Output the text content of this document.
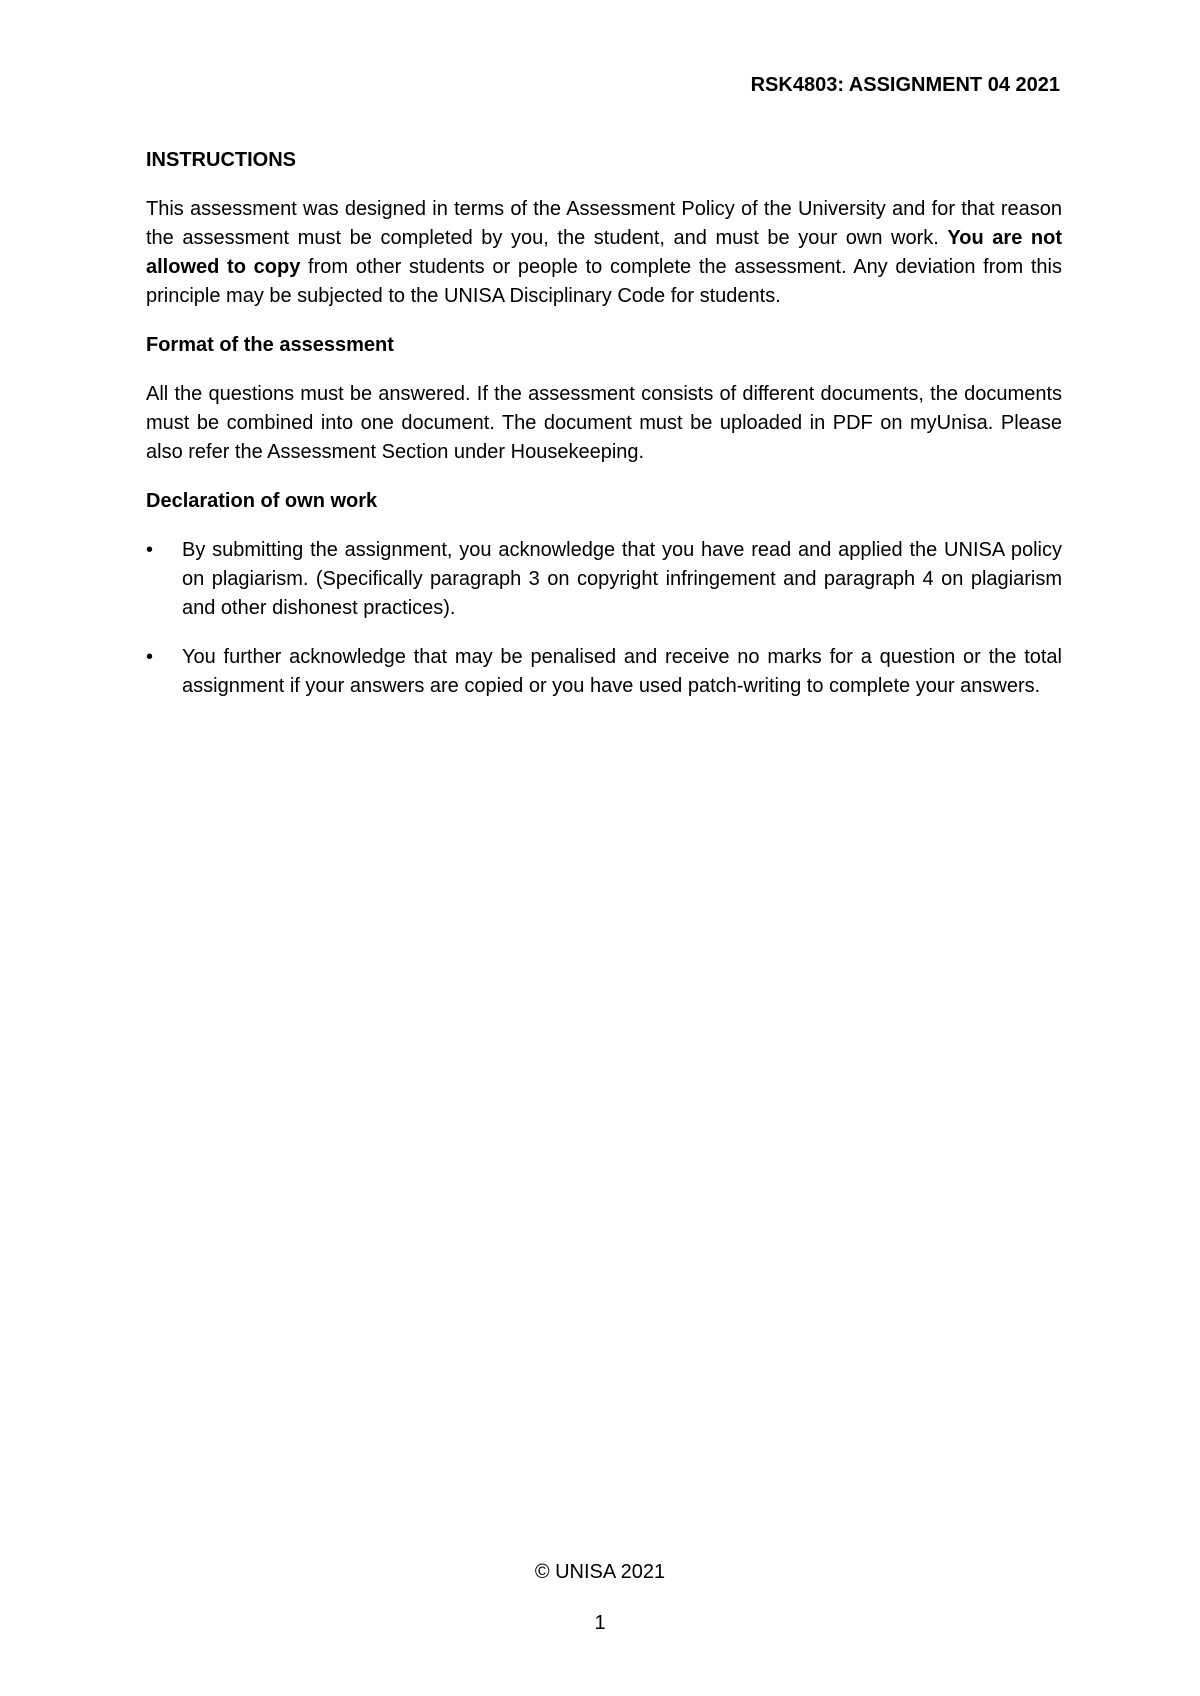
RSK4803: ASSIGNMENT 04 2021

INSTRUCTIONS

This assessment was designed in terms of the Assessment Policy of the University and for that reason the assessment must be completed by you, the student, and must be your own work. You are not allowed to copy from other students or people to complete the assessment. Any deviation from this principle may be subjected to the UNISA Disciplinary Code for students.

Format of the assessment

All the questions must be answered. If the assessment consists of different documents, the documents must be combined into one document. The document must be uploaded in PDF on myUnisa. Please also refer the Assessment Section under Housekeeping.

Declaration of own work

• By submitting the assignment, you acknowledge that you have read and applied the UNISA policy on plagiarism. (Specifically paragraph 3 on copyright infringement and paragraph 4 on plagiarism and other dishonest practices).
• You further acknowledge that may be penalised and receive no marks for a question or the total assignment if your answers are copied or you have used patch-writing to complete your answers.
© UNISA 2021
1
